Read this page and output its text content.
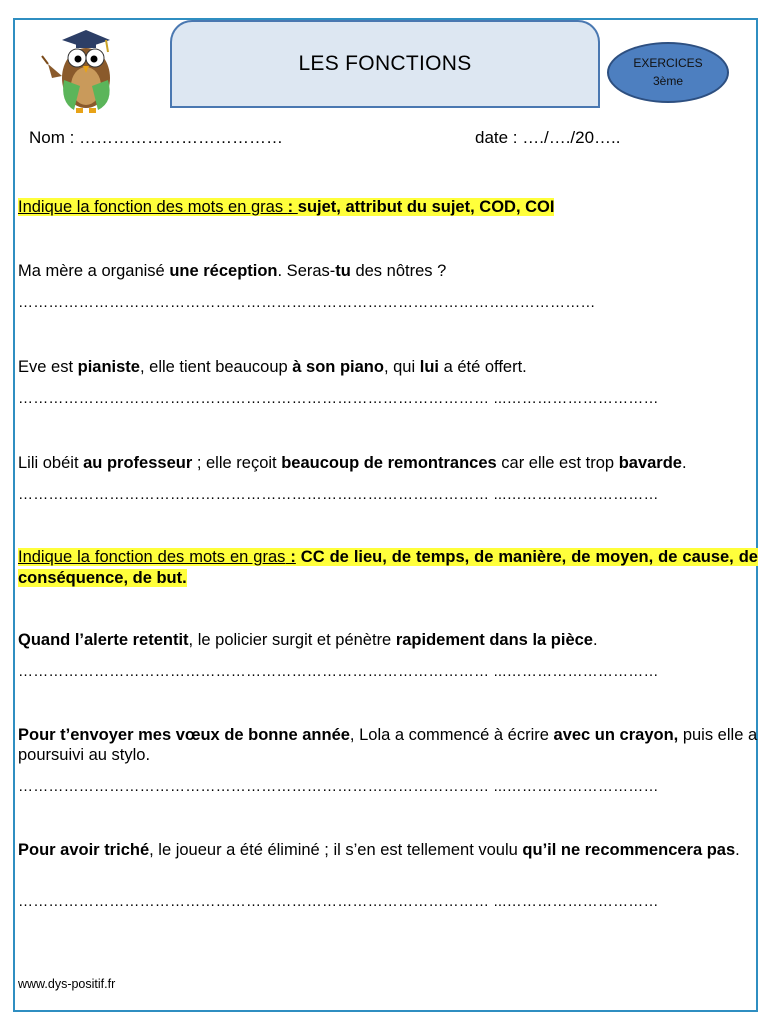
LES FONCTIONS	EXERCICES
3ème
Nom : ………………………………	date : …./…./20…..
Indique la fonction des mots en gras : sujet, attribut du sujet, COD, COI
Ma mère a organisé une réception. Seras-tu des nôtres ?
……………………………………………………………………………………………………
Eve est pianiste, elle tient beaucoup à son piano, qui lui a été offert.
………………………………………………………………………………… ...…………………………
Lili obéit au professeur ; elle reçoit beaucoup de remontrances car elle est trop bavarde.
………………………………………………………………………………… ...…………………………
Indique la fonction des mots en gras : CC de lieu, de temps, de manière, de moyen, de cause, de conséquence, de but.
Quand l’alerte retentit, le policier surgit et pénètre rapidement dans la pièce.
………………………………………………………………………………… ...…………………………
Pour t’envoyer mes vœux de bonne année, Lola a commencé à écrire avec un crayon, puis elle a poursuivi au stylo.
………………………………………………………………………………… ...…………………………
Pour avoir triché, le joueur a été éliminé ; il s’en est tellement voulu qu’il ne recommencera pas.
………………………………………………………………………………… ...…………………………
www.dys-positif.fr
